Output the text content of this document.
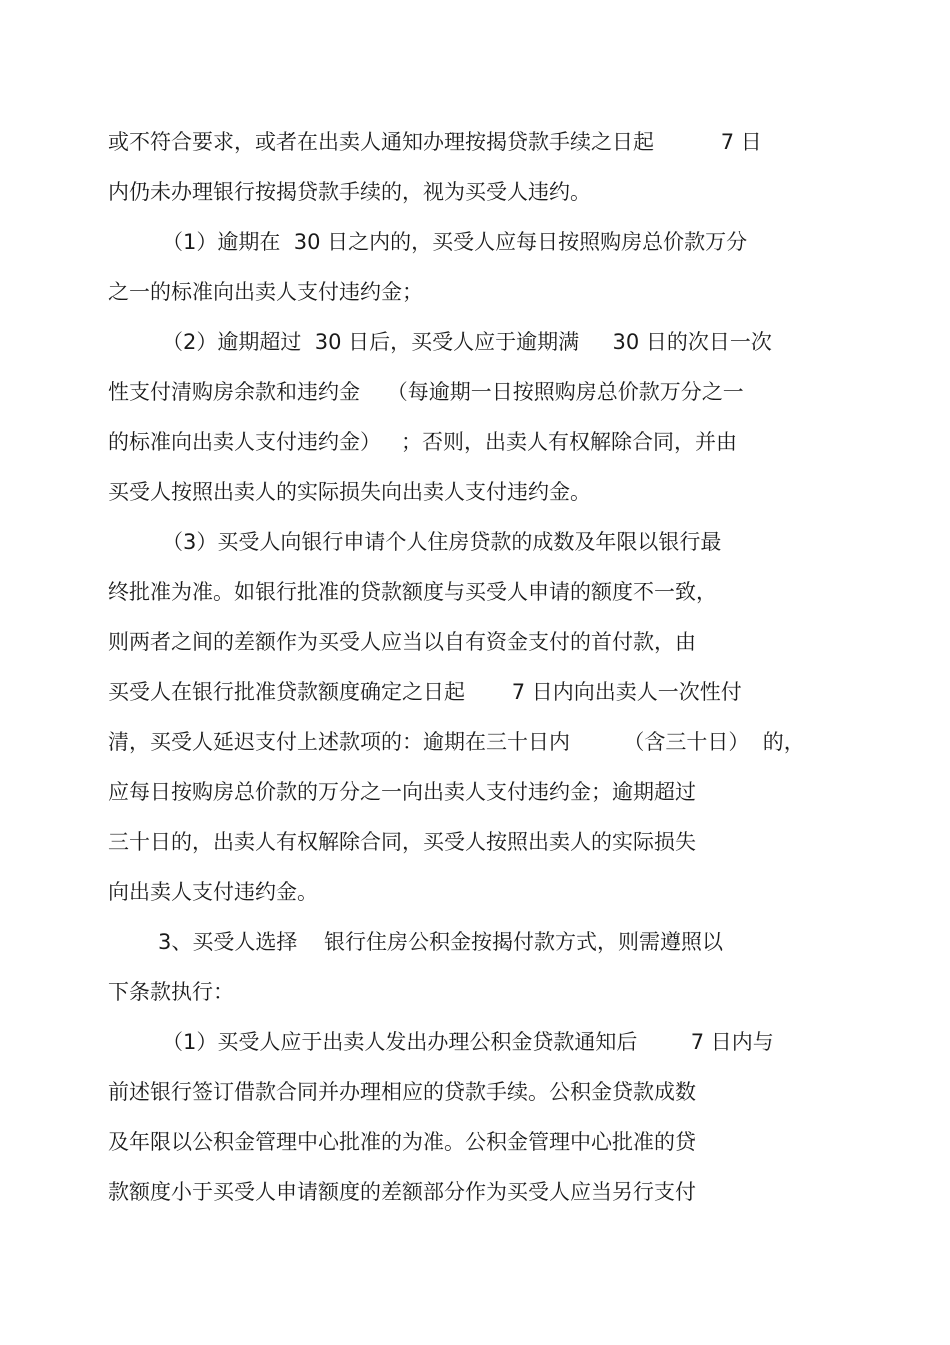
或不符合要求，或者在出卖人通知办理按揭贷款手续之日起          7 日
内仍未办理银行按揭贷款手续的，视为买受人违约。
（1）逾期在  30 日之内的，买受人应每日按照购房总价款万分
之一的标准向出卖人支付违约金；
（2）逾期超过  30 日后，买受人应于逾期满     30 日的次日一次
性支付清购房余款和违约金    （每逾期一日按照购房总价款万分之一
的标准向出卖人支付违约金）   ；否则，出卖人有权解除合同，并由
买受人按照出卖人的实际损失向出卖人支付违约金。
（3）买受人向银行申请个人住房贷款的成数及年限以银行最
终批准为准。如银行批准的贷款额度与买受人申请的额度不一致，
则两者之间的差额作为买受人应当以自有资金支付的首付款，由
买受人在银行批准贷款额度确定之日起       7 日内向出卖人一次性付
清，买受人延迟支付上述款项的：逾期在三十日内        （含三十日）  的，
应每日按购房总价款的万分之一向出卖人支付违约金；逾期超过
三十日的，出卖人有权解除合同，买受人按照出卖人的实际损失
向出卖人支付违约金。
3、买受人选择    银行住房公积金按揭付款方式，则需遵照以
下条款执行：
（1）买受人应于出卖人发出办理公积金贷款通知后        7 日内与
前述银行签订借款合同并办理相应的贷款手续。公积金贷款成数
及年限以公积金管理中心批准的为准。公积金管理中心批准的贷
款额度小于买受人申请额度的差额部分作为买受人应当另行支付
